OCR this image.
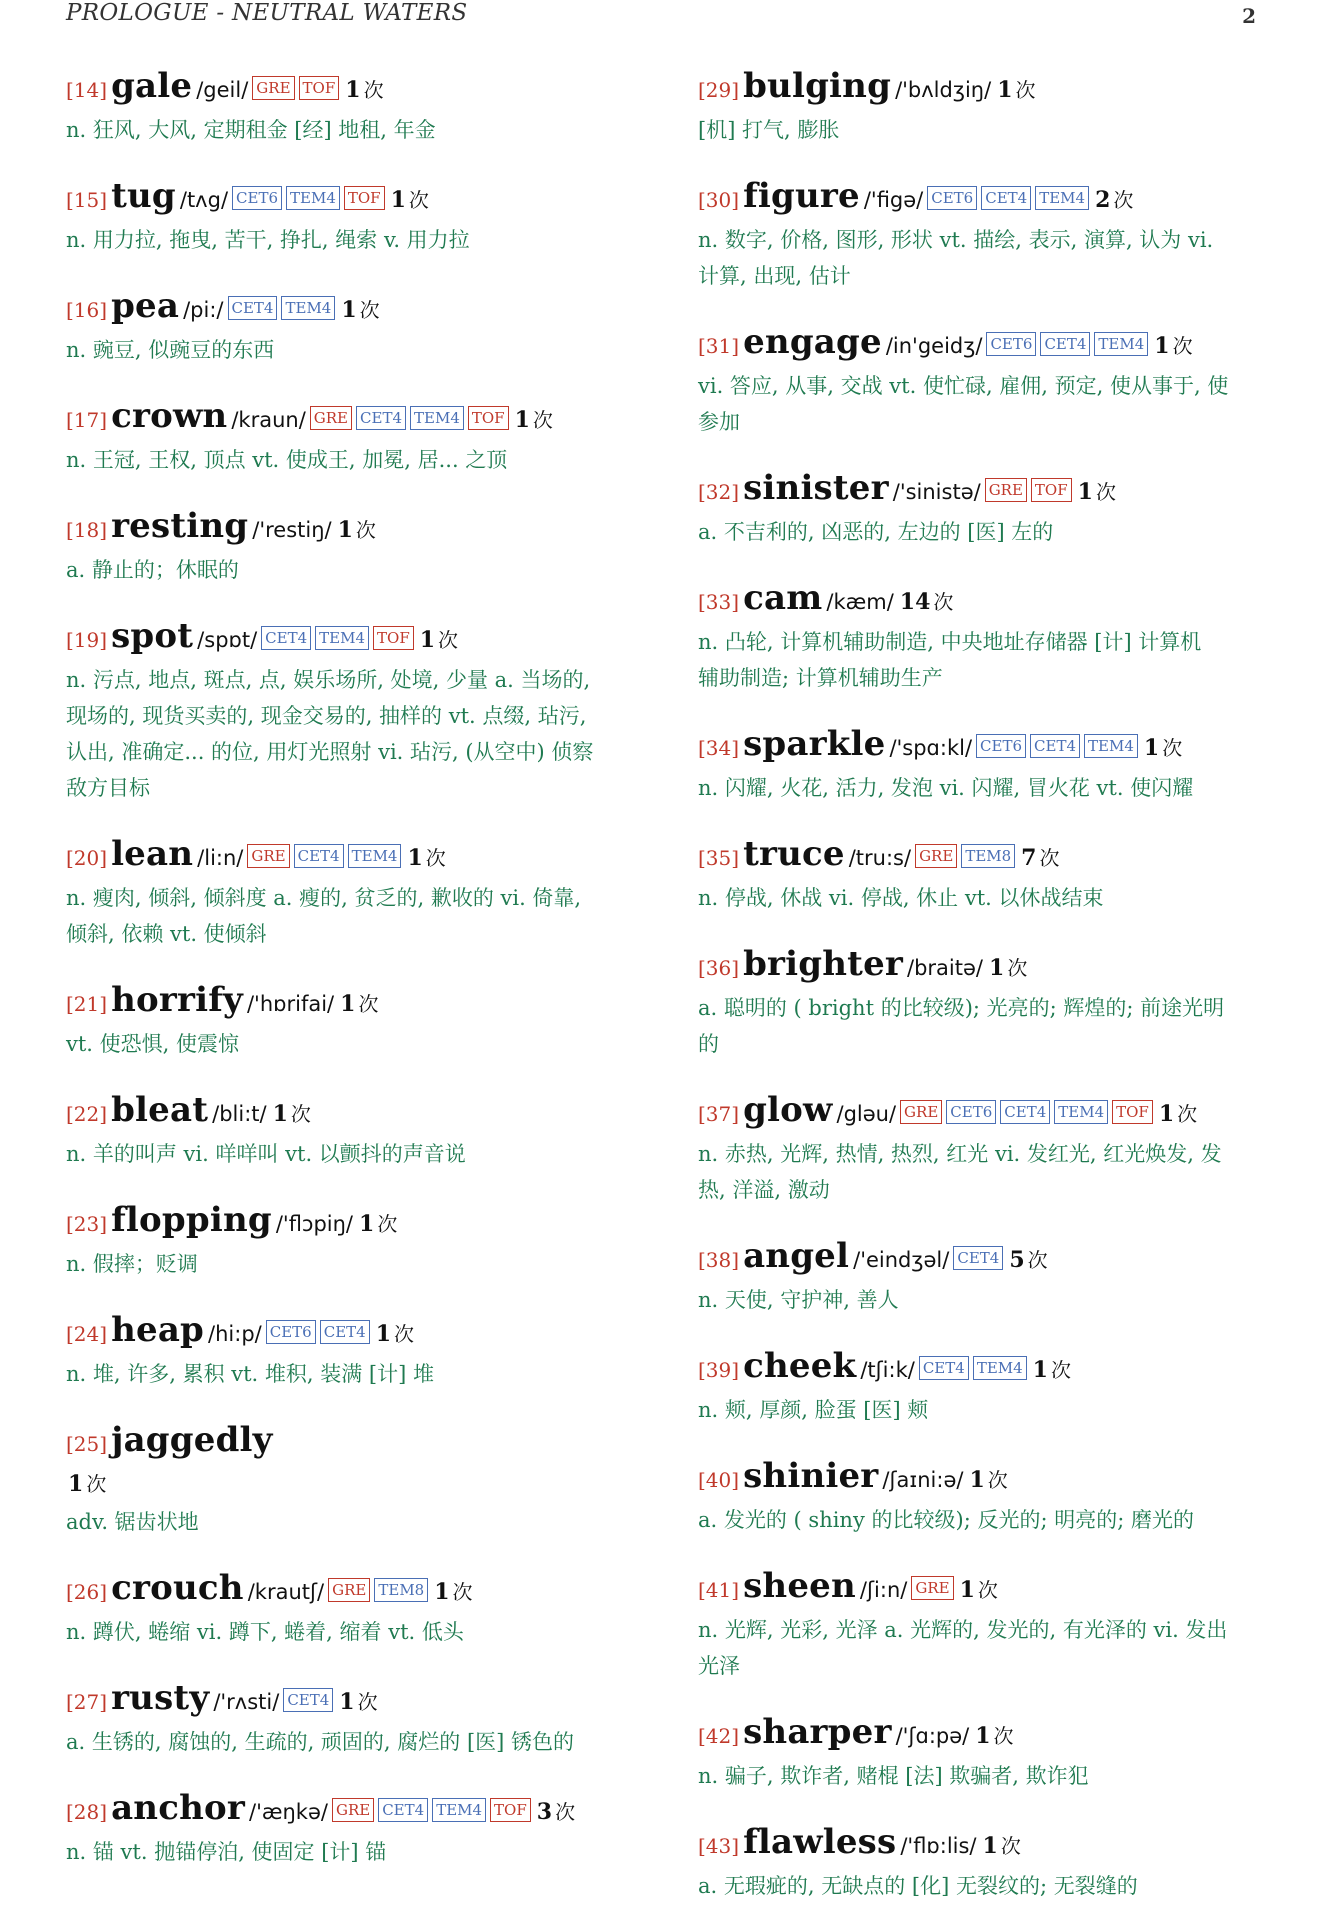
PROLOGUE - NEUTRAL WATERS	2
[14] gale /geil/ GRE TOF 1 次
n. 狂风, 大风, 定期租金 [经] 地租, 年金
[15] tug /tʌg/ CET6 TEM4 TOF 1 次
n. 用力拉, 拖曳, 苦干, 挣扎, 绳索 v. 用力拉
[16] pea /pi:/ CET4 TEM4 1 次
n. 豌豆, 似豌豆的东西
[17] crown /kraun/ GRE CET4 TEM4 TOF 1 次
n. 王冠, 王权, 顶点 vt. 使成王, 加冕, 居... 之顶
[18] resting /'restiŋ/ 1 次
a. 静止的；休眠的
[19] spot /spɒt/ CET4 TEM4 TOF 1 次
n. 污点, 地点, 斑点, 点, 娱乐场所, 处境, 少量 a. 当场的,
现场的, 现货买卖的, 现金交易的, 抽样的 vt. 点缀, 玷污,
认出, 准确定... 的位, 用灯光照射 vi. 玷污, (从空中) 侦察
敌方目标
[20] lean /li:n/ GRE CET4 TEM4 1 次
n. 瘦肉, 倾斜, 倾斜度 a. 瘦的, 贫乏的, 歉收的 vi. 倚靠,
倾斜, 依赖 vt. 使倾斜
[21] horrify /'hɒrifai/ 1 次
vt. 使恐惧, 使震惊
[22] bleat /bli:t/ 1 次
n. 羊的叫声 vi. 咩咩叫 vt. 以颤抖的声音说
[23] flopping /'flɔpiŋ/ 1 次
n. 假摔；贬调
[24] heap /hi:p/ CET6 CET4 1 次
n. 堆, 许多, 累积 vt. 堆积, 装满 [计] 堆
[25] jaggedly
1 次
adv. 锯齿状地
[26] crouch /krautʃ/ GRE TEM8 1 次
n. 蹲伏, 蜷缩 vi. 蹲下, 蜷着, 缩着 vt. 低头
[27] rusty /'rʌsti/ CET4 1 次
a. 生锈的, 腐蚀的, 生疏的, 顽固的, 腐烂的 [医] 锈色的
[28] anchor /'æŋkə/ GRE CET4 TEM4 TOF 3 次
n. 锚 vt. 抛锚停泊, 使固定 [计] 锚
[29] bulging /'bʌldʒiŋ/ 1 次
[机] 打气, 膨胀
[30] figure /'figə/ CET6 CET4 TEM4 2 次
n. 数字, 价格, 图形, 形状 vt. 描绘, 表示, 演算, 认为 vi.
计算, 出现, 估计
[31] engage /in'geidʒ/ CET6 CET4 TEM4 1 次
vi. 答应, 从事, 交战 vt. 使忙碌, 雇佣, 预定, 使从事于, 使
参加
[32] sinister /'sinistə/ GRE TOF 1 次
a. 不吉利的, 凶恶的, 左边的 [医] 左的
[33] cam /kæm/ 14 次
n. 凸轮, 计算机辅助制造, 中央地址存储器 [计] 计算机
辅助制造; 计算机辅助生产
[34] sparkle /'spɑ:kl/ CET6 CET4 TEM4 1 次
n. 闪耀, 火花, 活力, 发泡 vi. 闪耀, 冒火花 vt. 使闪耀
[35] truce /tru:s/ GRE TEM8 7 次
n. 停战, 休战 vi. 停战, 休止 vt. 以休战结束
[36] brighter /braitə/ 1 次
a. 聪明的 ( bright 的比较级); 光亮的; 辉煌的; 前途光明
的
[37] glow /gləu/ GRE CET6 CET4 TEM4 TOF 1 次
n. 赤热, 光辉, 热情, 热烈, 红光 vi. 发红光, 红光焕发, 发
热, 洋溢, 激动
[38] angel /'eindʒəl/ CET4 5 次
n. 天使, 守护神, 善人
[39] cheek /tʃi:k/ CET4 TEM4 1 次
n. 颊, 厚颜, 脸蛋 [医] 颊
[40] shinier /ʃaɪni:ə/ 1 次
a. 发光的 ( shiny 的比较级); 反光的; 明亮的; 磨光的
[41] sheen /ʃi:n/ GRE 1 次
n. 光辉, 光彩, 光泽 a. 光辉的, 发光的, 有光泽的 vi. 发出
光泽
[42] sharper /'ʃɑ:pə/ 1 次
n. 骗子, 欺诈者, 赌棍 [法] 欺骗者, 欺诈犯
[43] flawless /'flɒ:lis/ 1 次
a. 无瑕疵的, 无缺点的 [化] 无裂纹的; 无裂缝的
